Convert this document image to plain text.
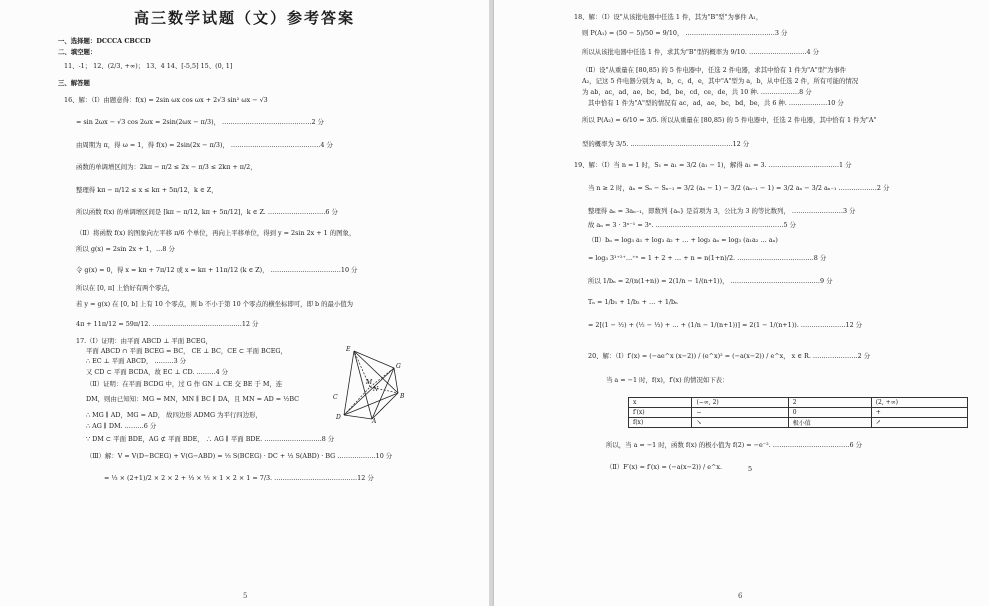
高三数学试题（文）参考答案
一、选择题：DCCCA CBCCD
二、填空题：
11、-1； 12、(2/3, +∞)； 13、4 14、[-5,5] 15、(0, 1]
三、解答题
16、解：（Ⅰ）由题意得：f(x) = 2sin ωx cos ωx + 2√3 sin² ωx − √3
= sin 2ωx − √3 cos 2ωx = 2sin(2ωx − π/3)， ……………………………………2 分
由周期为 π，得 ω = 1，得 f(x) = 2sin(2x − π/3)， ……………………………………4 分
函数的单调增区间为：2kπ − π/2 ≤ 2x − π/3 ≤ 2kπ + π/2，
整理得 kπ − π/12 ≤ x ≤ kπ + 5π/12，k ∈ Z，
所以函数 f(x) 的单调增区间是 [kπ − π/12, kπ + 5π/12]，k ∈ Z. ………………………6 分
（Ⅱ）将函数 f(x) 的图象向左平移 π/6 个单位，再向上平移单位，得到 y = 2sin 2x + 1 的图象，
所以 g(x) = 2sin 2x + 1，…8 分
令 g(x) = 0，得 x = kπ + 7π/12 或 x = kπ + 11π/12 (k ∈ Z)， ……………………………10 分
所以在 [0, π] 上恰好有两个零点，
若 y = g(x) 在 [0, b] 上有 10 个零点，则 b 不小于第 10 个零点的横坐标即可，即 b 的最小值为
4π + 11π/12 = 59π/12. ……………………………………12 分
17.（Ⅰ）证明：由平面 ABCD ⊥ 平面 BCEG，
平面 ABCD ∩ 平面 BCEG = BC， CE ⊥ BC，CE ⊂ 平面 BCEG，
∴ EC ⊥ 平面 ABCD， ………3 分
又 CD ⊂ 平面 BCDA，故 EC ⊥ CD. ………4 分
（Ⅱ）证明：在平面 BCDG 中，过 G 作 GN ⊥ CE 交 BE 于 M，连
DM，则由已知知：MG = MN，MN ∥ BC ∥ DA，且 MN = AD = ½BC
∴ MG ∥ AD，MG = AD， 故四边形 ADMG 为平行四边形，
∴ AG ∥ DM. ………6 分
∵ DM ⊂ 平面 BDE，AG ⊄ 平面 BDE， ∴ AG ∥ 平面 BDE. ………………………8 分
（Ⅲ）解：V = V(D−BCEG) + V(G−ABD) = ⅓ S(BCEG) · DC + ⅓ S(ABD) · BG ………………10 分
= ⅓ × (2+1)/2 × 2 × 2 + ⅓ × ½ × 1 × 2 × 1 = 7/3. …………………………………12 分
E
G
M
N
C	B
D
A
5
18、解：（Ⅰ）设"从该批电器中任选 1 件，其为"B"型"为事件 A₁，
则 P(A₁) = (50 − 5)/50 = 9/10， ……………………………………3 分
所以从该批电器中任选 1 件，求其为"B"型的概率为 9/10. ………………………4 分
（Ⅱ）设"从重量在 [80,85) 的 5 件电器中，任选 2 件电器，求其中恰有 1 件为"A"型"为事件
A₂，记这 5 件电器分别为 a，b，c，d，e，其中"A"型为 a，b，从中任选 2 件，所有可能的情况
为 ab，ac，ad，ae，bc，bd，be，cd，ce，de，共 10 种. ………………8 分
其中恰有 1 件为"A"型的情况有 ac，ad，ae，bc，bd，be，共 6 种. ………………10 分
所以 P(A₂) = 6/10 = 3/5. 所以从重量在 [80,85) 的 5 件电器中，任选 2 件电器，其中恰有 1 件为"A"
型的概率为 3/5. …………………………………………12 分
19、解：（Ⅰ）当 n = 1 时，S₁ = a₁ = 3/2 (a₁ − 1)，解得 a₁ = 3. ……………………………1 分
当 n ≥ 2 时，aₙ = Sₙ − Sₙ₋₁ = 3/2 (aₙ − 1) − 3/2 (aₙ₋₁ − 1) = 3/2 aₙ − 3/2 aₙ₋₁ ………………2 分
整理得 aₙ = 3aₙ₋₁，即数列 {aₙ} 是首项为 3，公比为 3 的等比数列， ……………………3 分
故 aₙ = 3 · 3ⁿ⁻¹ = 3ⁿ. ……………………………………………………5 分
（Ⅱ）bₙ = log₃ a₁ + log₃ a₂ + … + log₃ aₙ = log₃ (a₁a₂ … aₙ)
= log₃ 3¹⁺²⁺…⁺ⁿ = 1 + 2 + … + n = n(1+n)/2. ………………………………8 分
所以 1/bₙ = 2/(n(1+n)) = 2(1/n − 1/(n+1))， ……………………………………9 分
Tₙ = 1/b₁ + 1/b₂ + … + 1/bₙ
= 2[(1 − ½) + (½ − ⅓) + … + (1/n − 1/(n+1))] = 2(1 − 1/(n+1)). …………………12 分
20、解：（Ⅰ）f′(x) = (−ae^x (x−2)) / (e^x)² = (−a(x−2)) / e^x， x ∈ R. …………………2 分
当 a = −1 时，f(x)，f′(x) 的情况如下表：
x	(−∞, 2)	2	(2, +∞)
f′(x)	−	0	+
f(x)	↘	极小值	↗
所以，当 a = −1 时，函数 f(x) 的极小值为 f(2) = −e⁻². ………………………………6 分
（Ⅱ）F′(x) = f′(x) = (−a(x−2)) / e^x.	5
6
